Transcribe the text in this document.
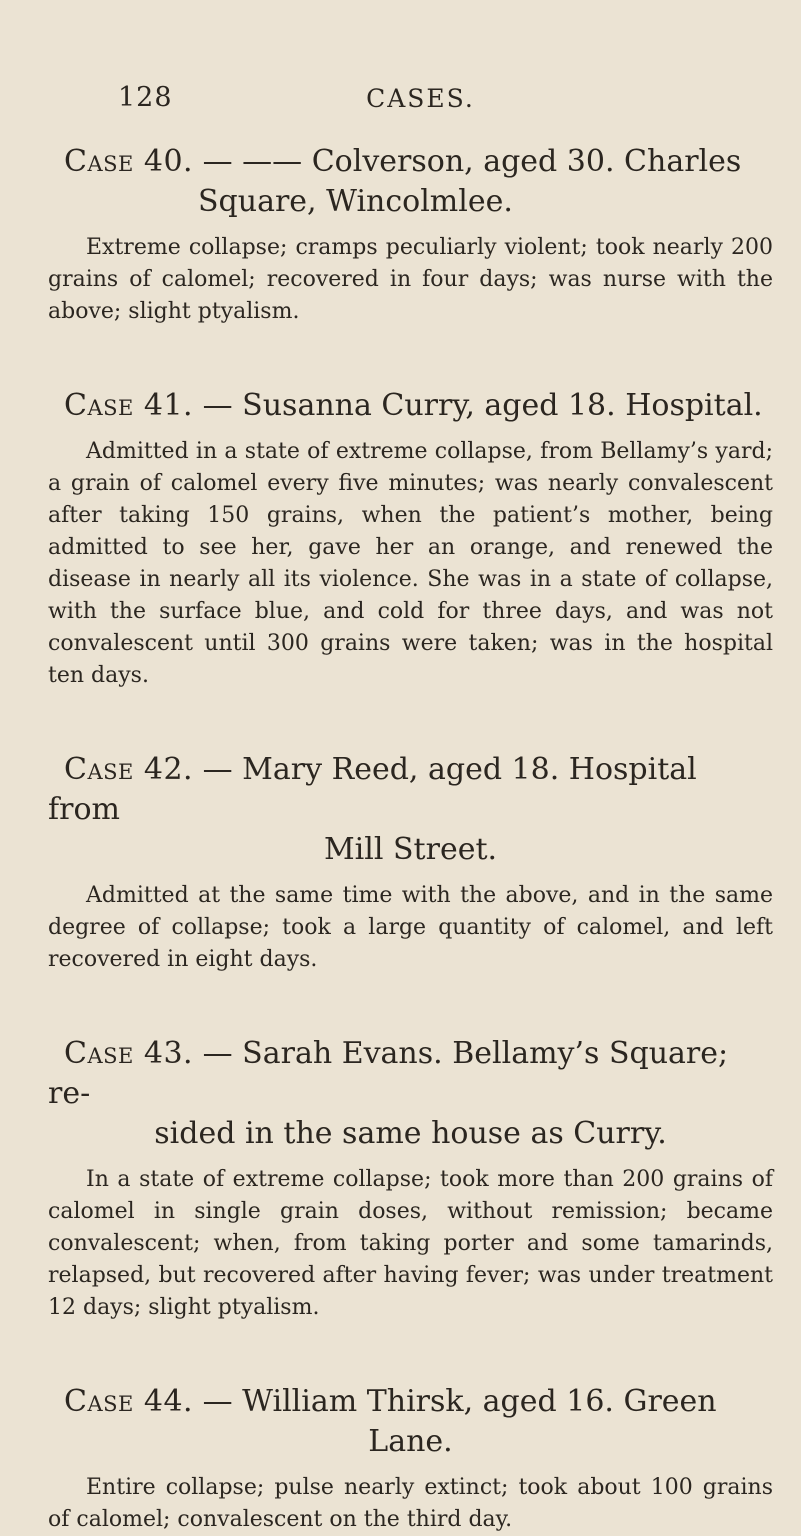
128	CASES.

Case 40. — —— Colverson, aged 30. Charles
Square, Wincolmlee.

Extreme collapse; cramps peculiarly violent; took nearly 200 grains of calomel; recovered in four days; was nurse with the above; slight ptyalism.

Case 41. — Susanna Curry, aged 18. Hospital.

Admitted in a state of extreme collapse, from Bellamy’s yard; a grain of calomel every five minutes; was nearly convalescent after taking 150 grains, when the patient’s mother, being admitted to see her, gave her an orange, and renewed the disease in nearly all its violence. She was in a state of collapse, with the surface blue, and cold for three days, and was not convalescent until 300 grains were taken; was in the hospital ten days.

Case 42. — Mary Reed, aged 18. Hospital from
Mill Street.

Admitted at the same time with the above, and in the same degree of collapse; took a large quantity of calomel, and left recovered in eight days.

Case 43. — Sarah Evans. Bellamy’s Square; re-
sided in the same house as Curry.

In a state of extreme collapse; took more than 200 grains of calomel in single grain doses, without remission; became convalescent; when, from taking porter and some tamarinds, relapsed, but recovered after having fever; was under treatment 12 days; slight ptyalism.

Case 44. — William Thirsk, aged 16. Green
Lane.

Entire collapse; pulse nearly extinct; took about 100 grains of calomel; convalescent on the third day.
